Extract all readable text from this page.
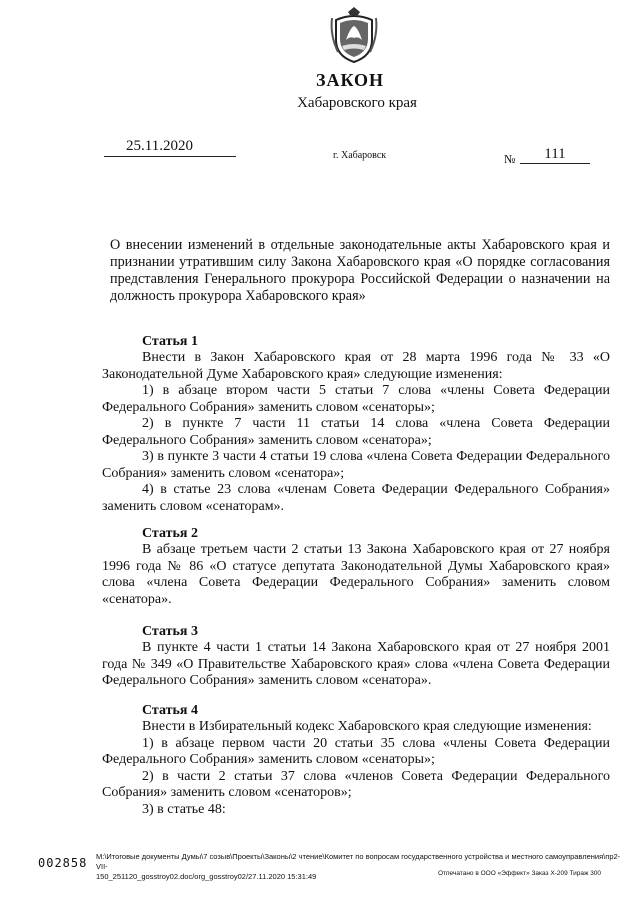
ЗАКОН
Хабаровского края
25.11.2020
г. Хабаровск	№	111
О внесении изменений в отдельные законодательные акты Хабаровского края и признании утратившим силу Закона Хабаровского края «О порядке согласования представления Генерального прокурора Российской Федерации о назначении на должность прокурора Хабаровского края»
Статья 1

Внести в Закон Хабаровского края от 28 марта 1996 года № 33 «О Законодательной Думе Хабаровского края» следующие изменения:

1) в абзаце втором части 5 статьи 7 слова «члены Совета Федерации Федерального Собрания» заменить словом «сенаторы»;

2) в пункте 7 части 11 статьи 14 слова «члена Совета Федерации Федерального Собрания» заменить словом «сенатора»;

3) в пункте 3 части 4 статьи 19 слова «члена Совета Федерации Федерального Собрания» заменить словом «сенатора»;

4) в статье 23 слова «членам Совета Федерации Федерального Собрания» заменить словом «сенаторам».

Статья 2

В абзаце третьем части 2 статьи 13 Закона Хабаровского края от 27 ноября 1996 года № 86 «О статусе депутата Законодательной Думы Хабаровского края» слова «члена Совета Федерации Федерального Собрания» заменить словом «сенатора».

Статья 3

В пункте 4 части 1 статьи 14 Закона Хабаровского края от 27 ноября 2001 года № 349 «О Правительстве Хабаровского края» слова «члена Совета Федерации Федерального Собрания» заменить словом «сенатора».

Статья 4

Внести в Избирательный кодекс Хабаровского края следующие изменения:

1) в абзаце первом части 20 статьи 35 слова «члены Совета Федерации Федерального Собрания» заменить словом «сенаторы»;

2) в части 2 статьи 37 слова «членов Совета Федерации Федерального Собрания» заменить словом «сенаторов»;

3) в статье 48:

002858 M:\Итоговые документы Думы\7 созыв\Проекты\Законы\2 чтение\Комитет по вопросам государственного устройства и местного самоуправления\пр2-VII-
150_251120_gosstroy02.doc/org_gosstroy02/27.11.2020 15:31:49	Отпечатано в ООО «Эффект» Заказ Х-209 Тираж 300
